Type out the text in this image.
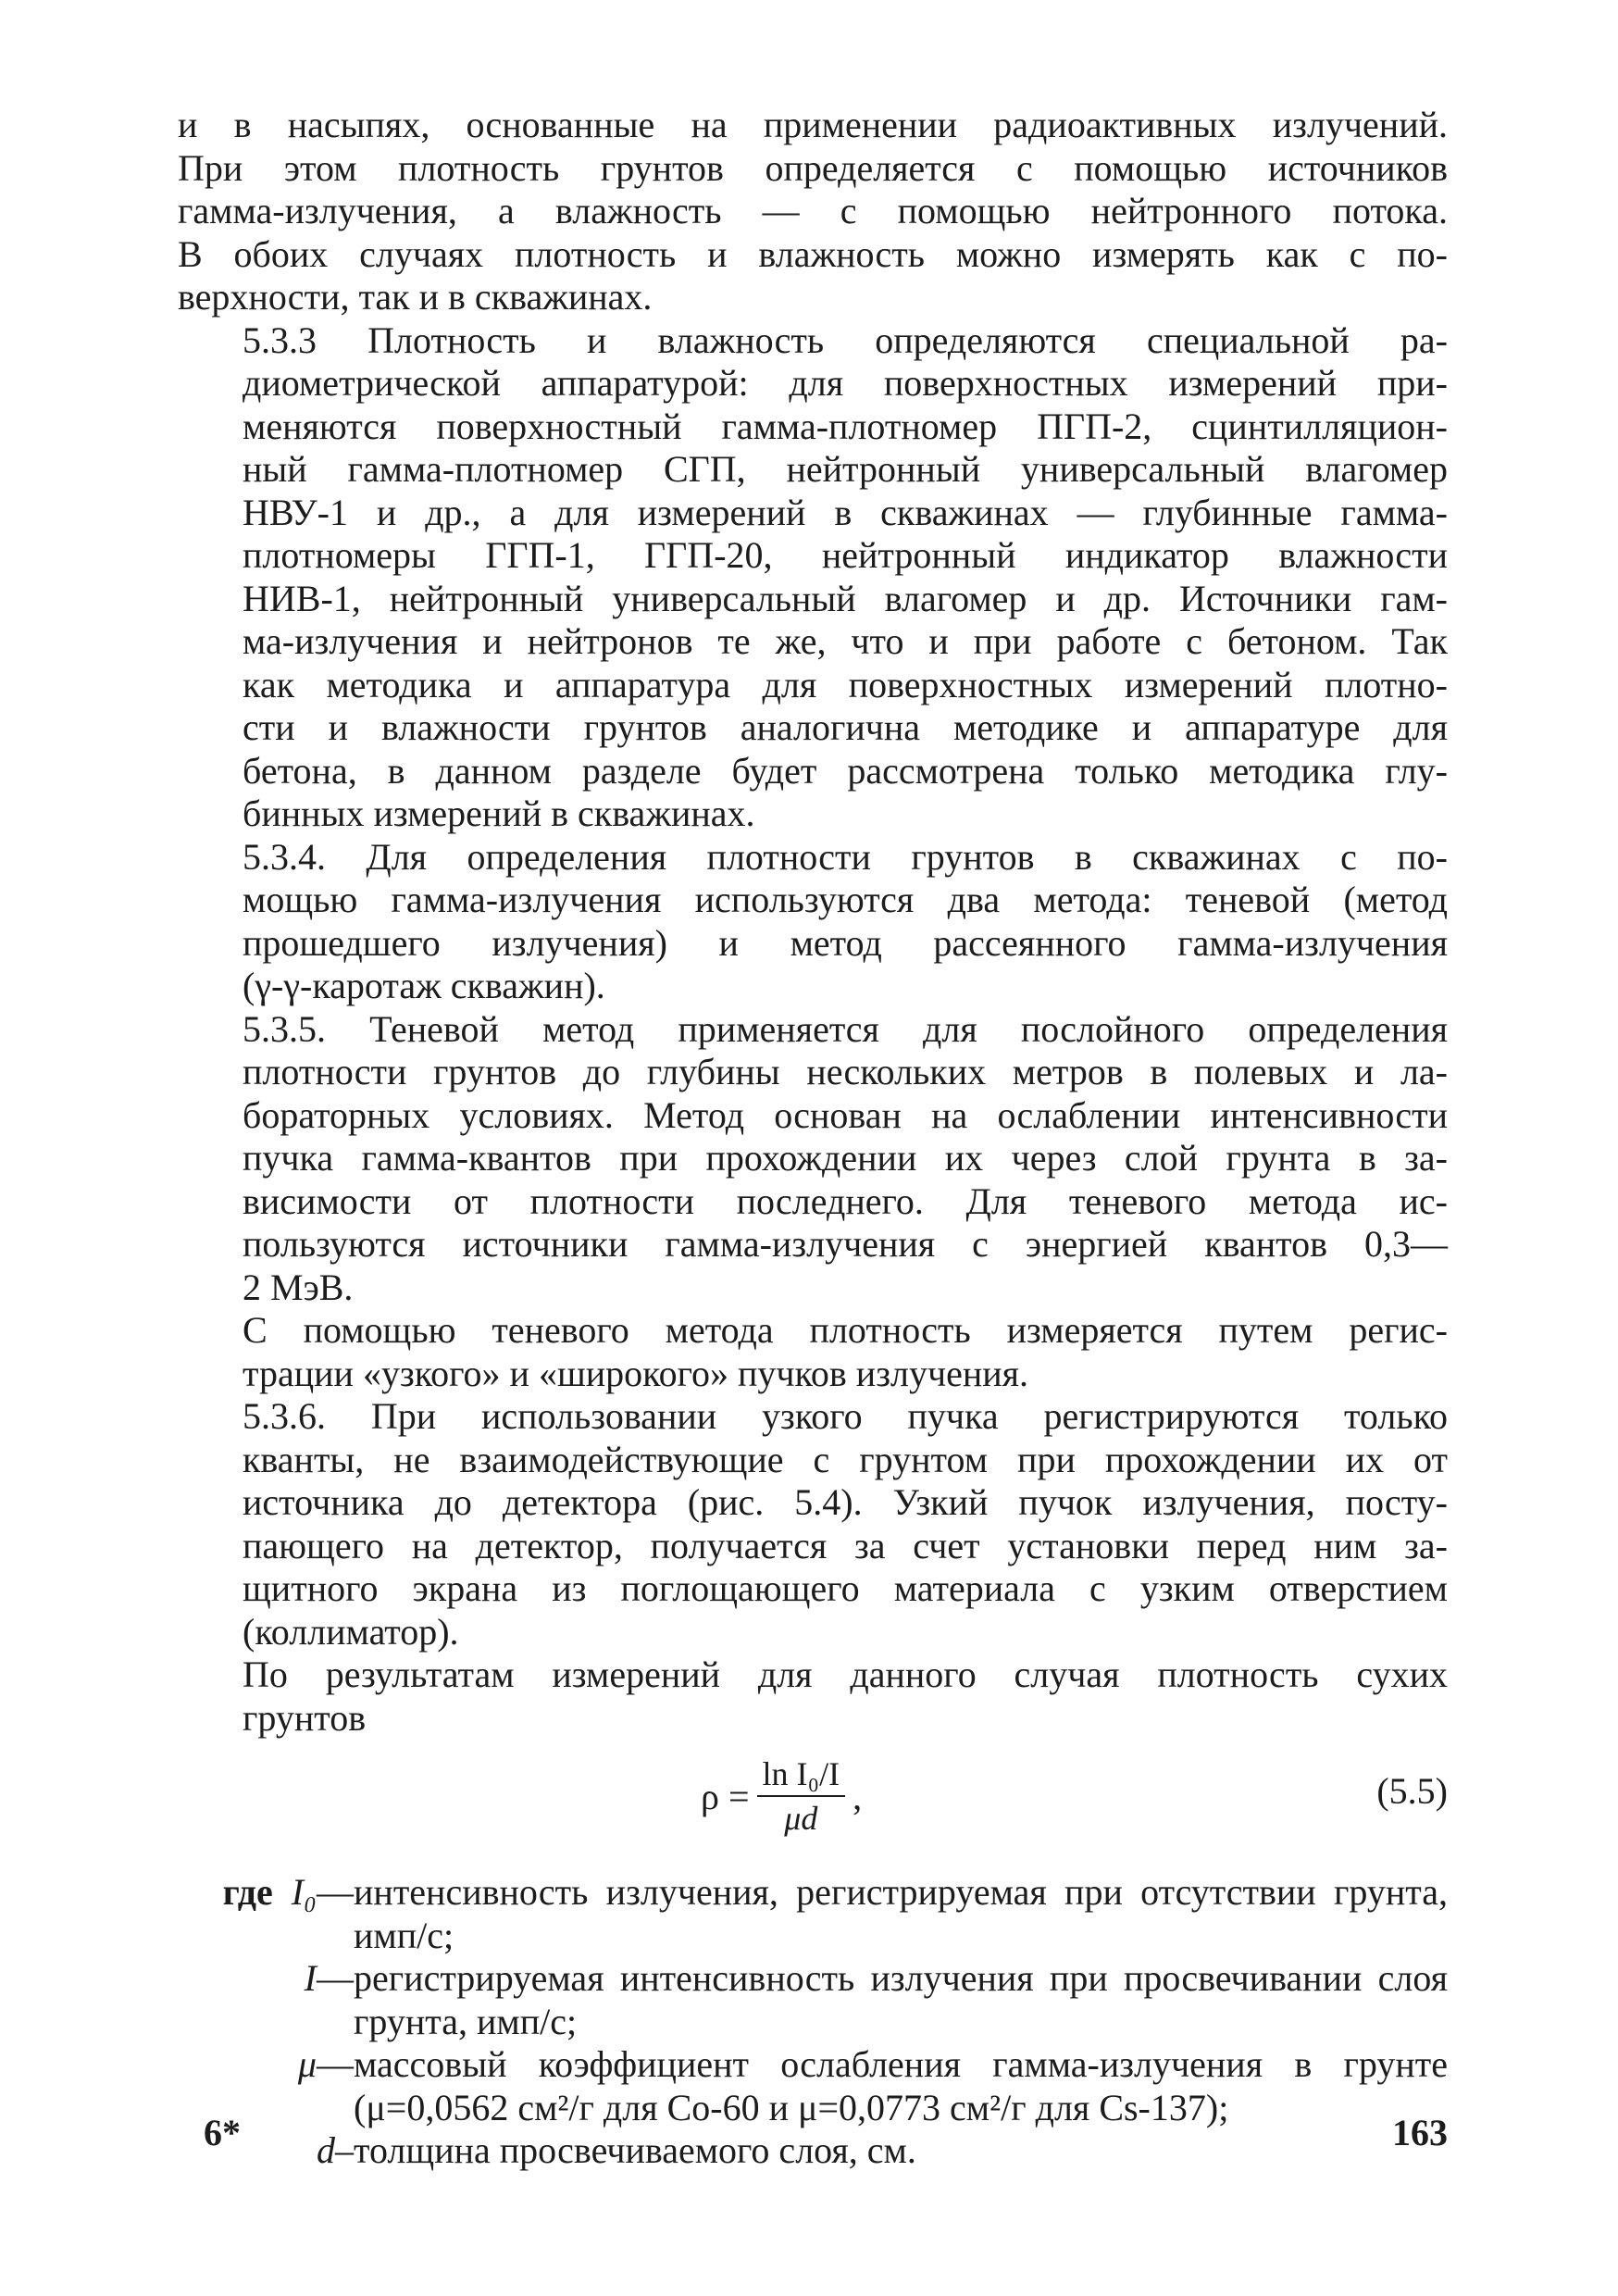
и в насыпях, основанные на применении радиоактивных излучений.
При этом плотность грунтов определяется с помощью источников
гамма-излучения, а влажность — с помощью нейтронного потока.
В обоих случаях плотность и влажность можно измерять как с по-
верхности, так и в скважинах.

5.3.3 Плотность и влажность определяются специальной ра-
диометрической аппаратурой: для поверхностных измерений при-
меняются поверхностный гамма-плотномер ПГП-2, сцинтилляцион-
ный гамма-плотномер СГП, нейтронный универсальный влагомер
НВУ-1 и др., а для измерений в скважинах — глубинные гамма-
плотномеры ГГП-1, ГГП-20, нейтронный индикатор влажности
НИВ-1, нейтронный универсальный влагомер и др. Источники гам-
ма-излучения и нейтронов те же, что и при работе с бетоном. Так
как методика и аппаратура для поверхностных измерений плотно-
сти и влажности грунтов аналогична методике и аппаратуре для
бетона, в данном разделе будет рассмотрена только методика глу-
бинных измерений в скважинах.

5.3.4. Для определения плотности грунтов в скважинах с по-
мощью гамма-излучения используются два метода: теневой (метод
прошедшего излучения) и метод рассеянного гамма-излучения
(γ-γ-каротаж скважин).

5.3.5. Теневой метод применяется для послойного определения
плотности грунтов до глубины нескольких метров в полевых и ла-
бораторных условиях. Метод основан на ослаблении интенсивности
пучка гамма-квантов при прохождении их через слой грунта в за-
висимости от плотности последнего. Для теневого метода ис-
пользуются источники гамма-излучения с энергией квантов 0,3—
2 МэВ.

С помощью теневого метода плотность измеряется путем регис-
трации «узкого» и «широкого» пучков излучения.

5.3.6. При использовании узкого пучка регистрируются только
кванты, не взаимодействующие с грунтом при прохождении их от
источника до детектора (рис. 5.4). Узкий пучок излучения, посту-
пающего на детектор, получается за счет установки перед ним за-
щитного экрана из поглощающего материала с узким отверстием
(коллиматор).

По результатам измерений для данного случая плотность сухих
грунтов

$\rho = \frac{\text{ln I₀/I}}{\mu d}$ ,	(5.5)
где I₀— интенсивность излучения, регистрируемая при отсутствии грунта, имп/с;
I— регистрируемая интенсивность излучения при просвечивании слоя грунта, имп/с;
μ— массовый коэффициент ослабления гамма-излучения в грунте (μ=0,0562 см²/г для Co-60 и μ=0,0773 см²/г для Cs-137);
d– толщина просвечиваемого слоя, см.
6*	163
